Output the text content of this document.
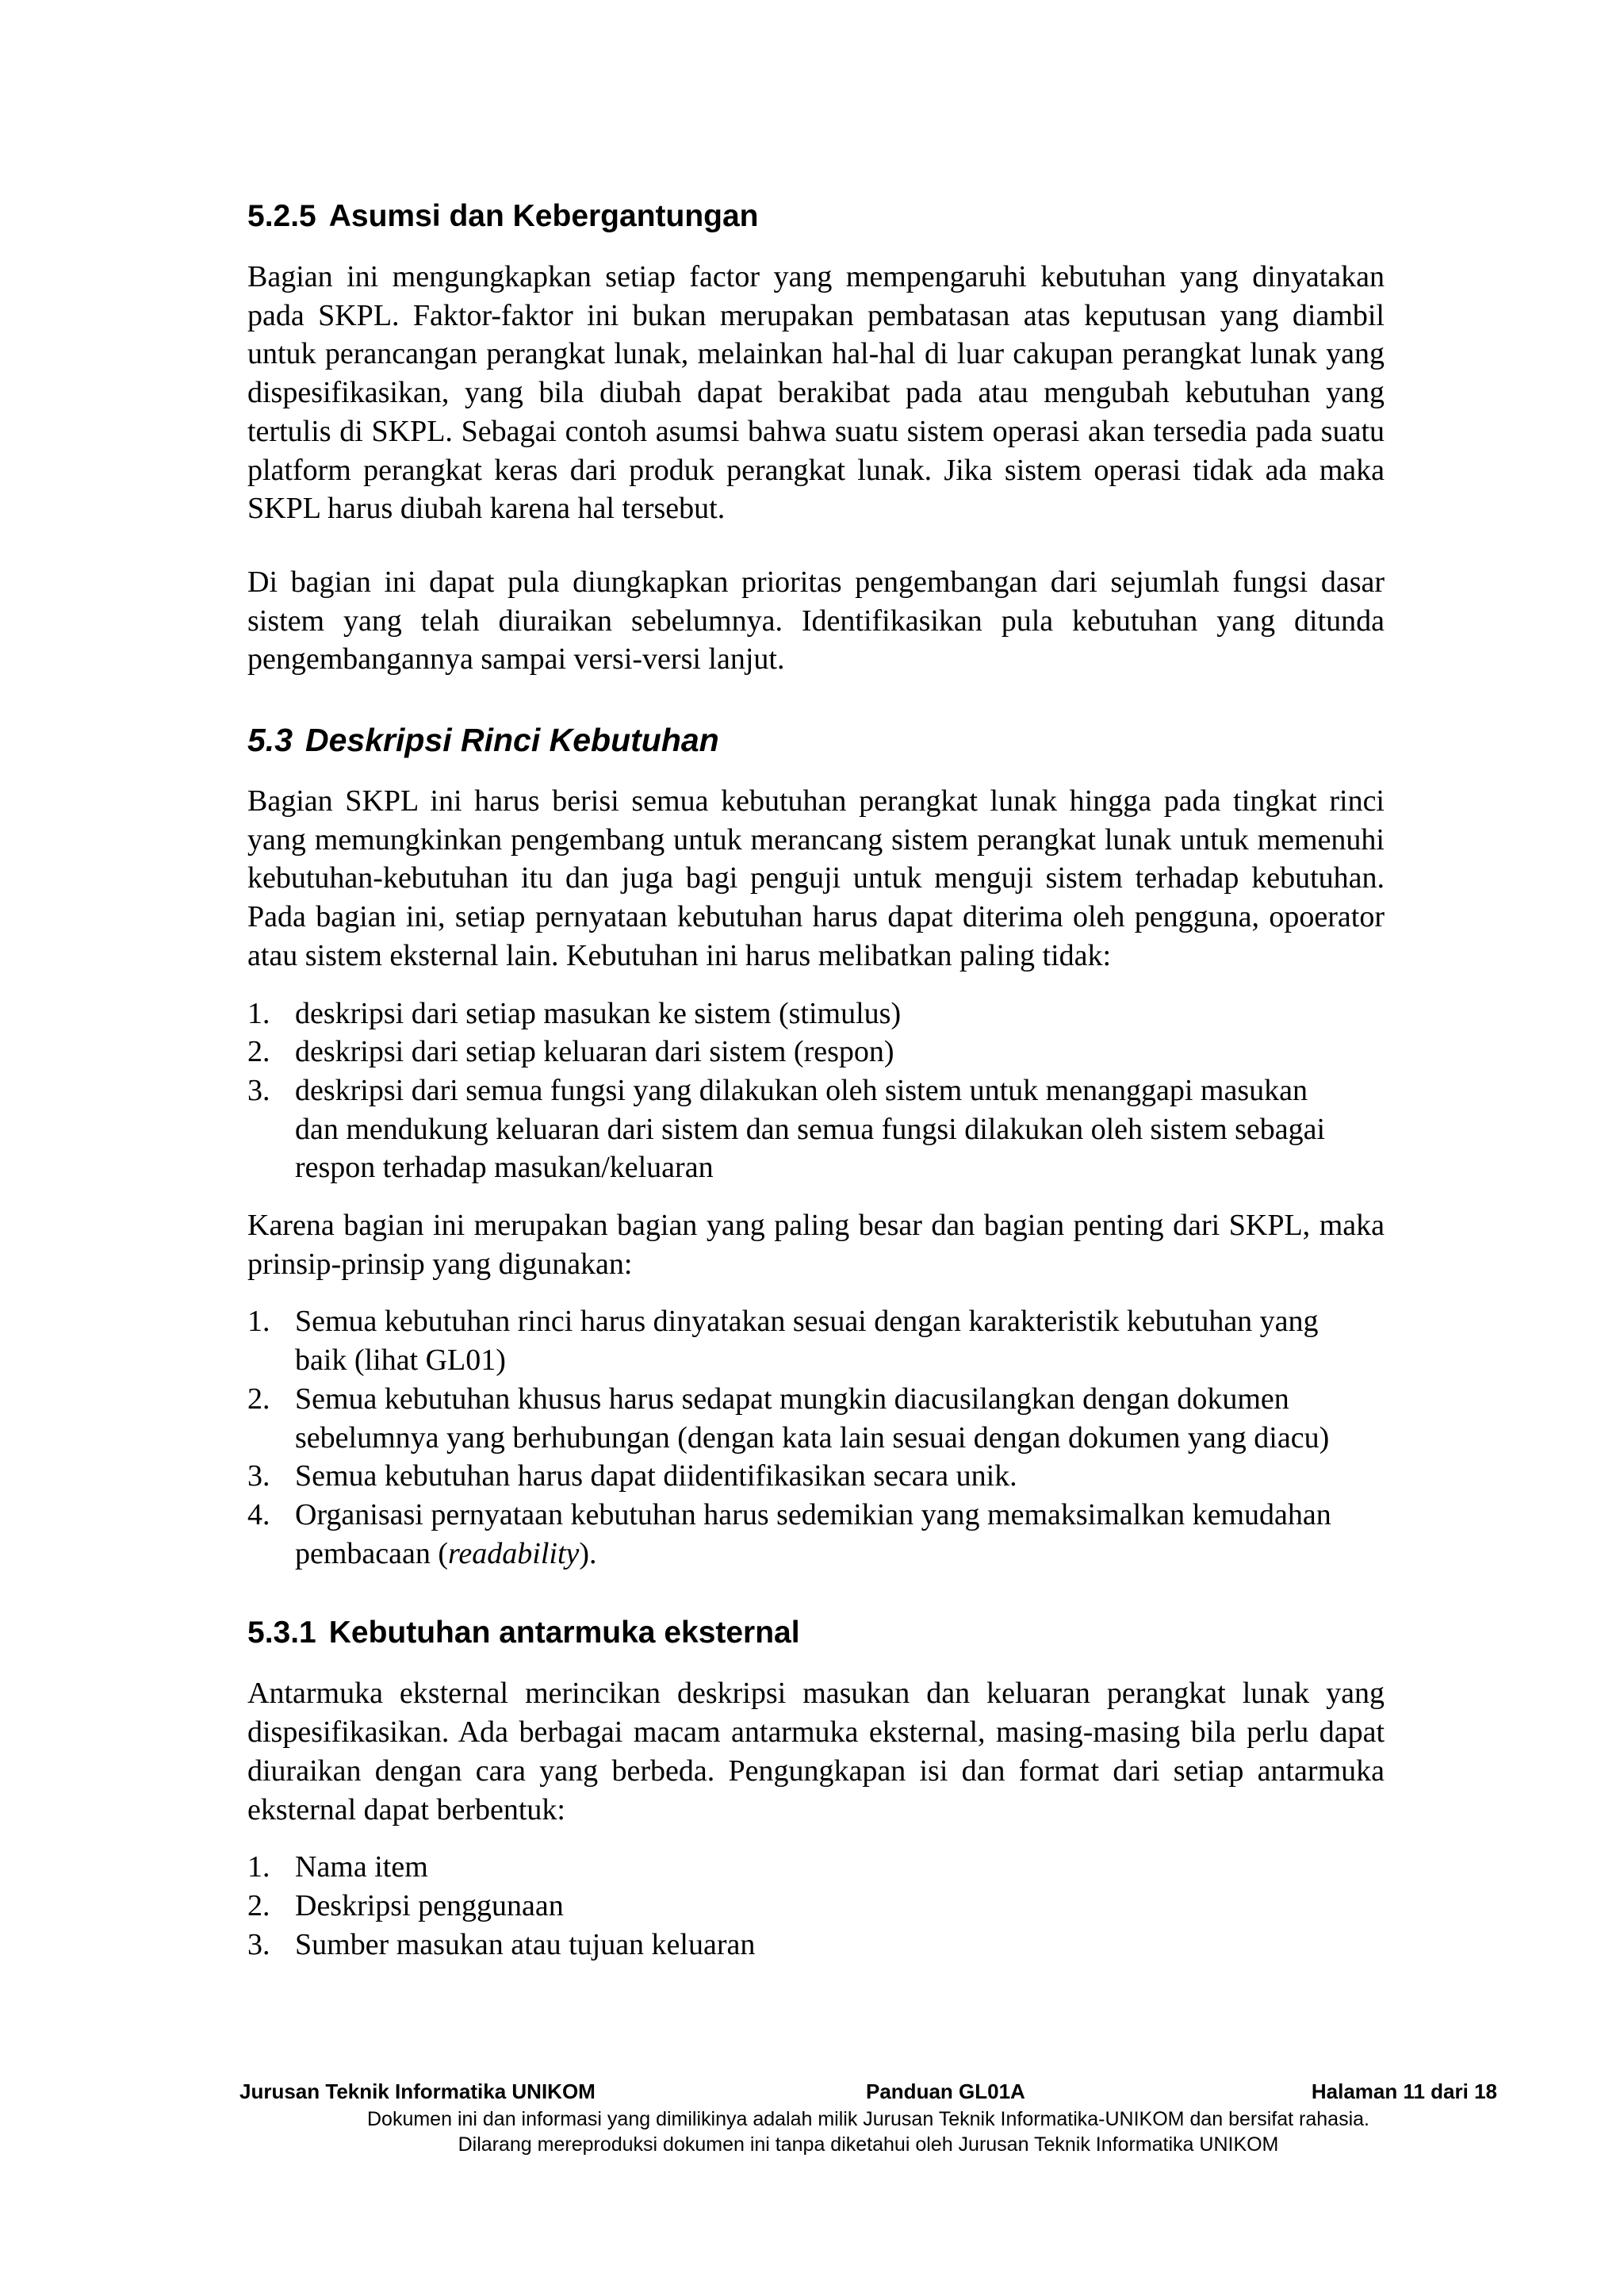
5.2.5 Asumsi dan Kebergantungan

Bagian ini mengungkapkan setiap factor yang mempengaruhi kebutuhan yang dinyatakan pada SKPL. Faktor-faktor ini bukan merupakan pembatasan atas keputusan yang diambil untuk perancangan perangkat lunak, melainkan hal-hal di luar cakupan perangkat lunak yang dispesifikasikan, yang bila diubah dapat berakibat pada atau mengubah kebutuhan yang tertulis di SKPL. Sebagai contoh asumsi bahwa suatu sistem operasi akan tersedia pada suatu platform perangkat keras dari produk perangkat lunak. Jika sistem operasi tidak ada maka SKPL harus diubah karena hal tersebut.

Di bagian ini dapat pula diungkapkan prioritas pengembangan dari sejumlah fungsi dasar sistem yang telah diuraikan sebelumnya. Identifikasikan pula kebutuhan yang ditunda pengembangannya sampai versi-versi lanjut.

5.3 Deskripsi Rinci Kebutuhan

Bagian SKPL ini harus berisi semua kebutuhan perangkat lunak hingga pada tingkat rinci yang memungkinkan pengembang untuk merancang sistem perangkat lunak untuk memenuhi kebutuhan-kebutuhan itu dan juga bagi penguji untuk menguji sistem terhadap kebutuhan. Pada bagian ini, setiap pernyataan kebutuhan harus dapat diterima oleh pengguna, opoerator atau sistem eksternal lain. Kebutuhan ini harus melibatkan paling tidak:

1. deskripsi dari setiap masukan ke sistem (stimulus)
2. deskripsi dari setiap keluaran dari sistem (respon)
3. deskripsi dari semua fungsi yang dilakukan oleh sistem untuk menanggapi masukan dan mendukung keluaran dari sistem dan semua fungsi dilakukan oleh sistem sebagai respon terhadap masukan/keluaran

Karena bagian ini merupakan bagian yang paling besar dan bagian penting dari SKPL, maka prinsip-prinsip yang digunakan:

1. Semua kebutuhan rinci harus dinyatakan sesuai dengan karakteristik kebutuhan yang baik (lihat GL01)
2. Semua kebutuhan khusus harus sedapat mungkin diacusilangkan dengan dokumen sebelumnya yang berhubungan (dengan kata lain sesuai dengan dokumen yang diacu)
3. Semua kebutuhan harus dapat diidentifikasikan secara unik.
4. Organisasi pernyataan kebutuhan harus sedemikian yang memaksimalkan kemudahan pembacaan (readability).
5.3.1 Kebutuhan antarmuka eksternal

Antarmuka eksternal merincikan deskripsi masukan dan keluaran perangkat lunak yang dispesifikasikan. Ada berbagai macam antarmuka eksternal, masing-masing bila perlu dapat diuraikan dengan cara yang berbeda. Pengungkapan isi dan format dari setiap antarmuka eksternal dapat berbentuk:

1. Nama item
2. Deskripsi penggunaan
3. Sumber masukan atau tujuan keluaran
Jurusan Teknik Informatika UNIKOM	Panduan GL01A	Halaman 11 dari 18
Dokumen ini dan informasi yang dimilikinya adalah milik Jurusan Teknik Informatika-UNIKOM dan bersifat rahasia.
Dilarang mereproduksi dokumen ini tanpa diketahui oleh Jurusan Teknik Informatika UNIKOM
